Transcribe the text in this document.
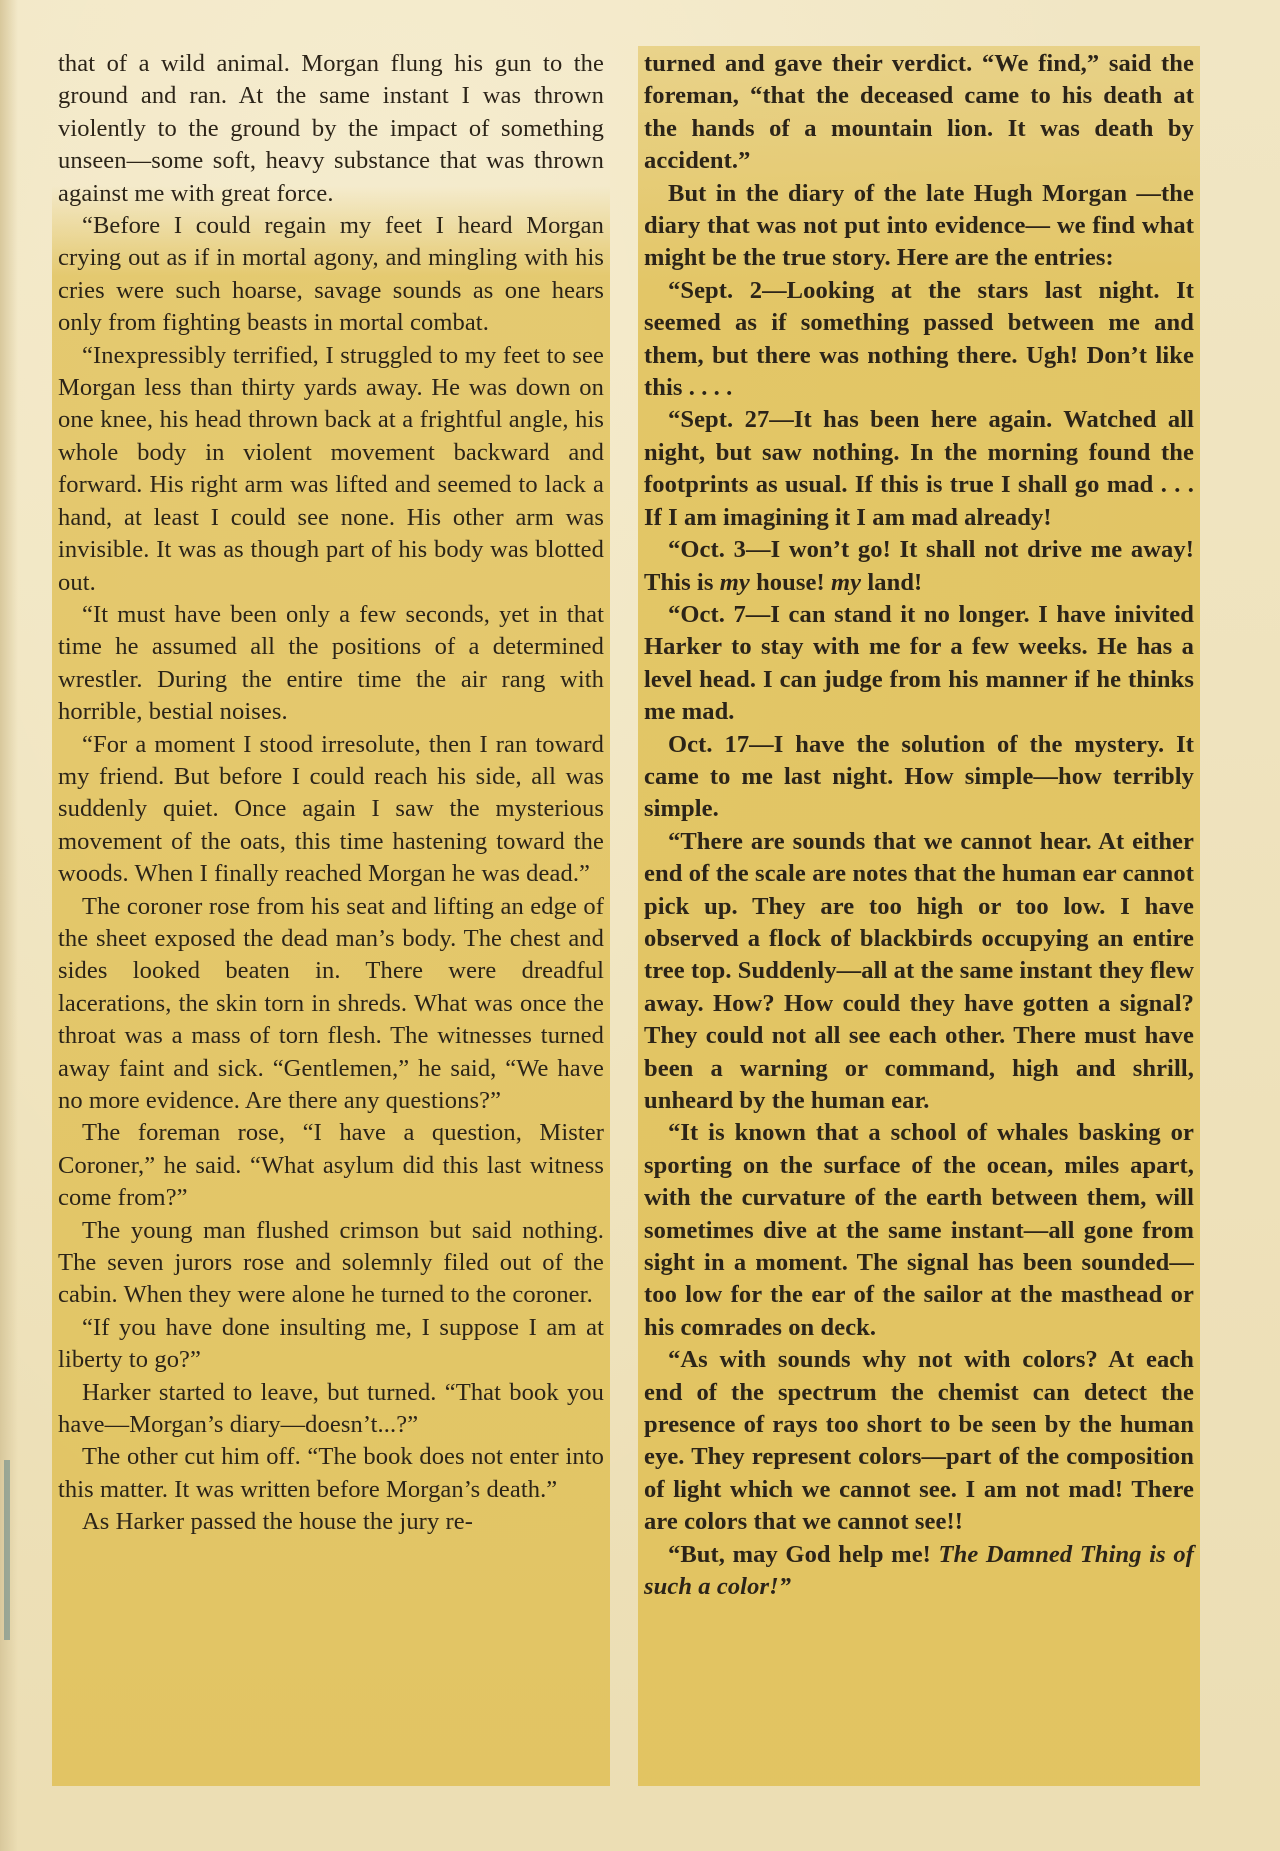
that of a wild animal. Morgan flung his gun to the ground and ran. At the same instant I was thrown violently to the ground by the impact of something unseen—some soft, heavy substance that was thrown against me with great force.

“Before I could regain my feet I heard Morgan crying out as if in mortal agony, and mingling with his cries were such hoarse, savage sounds as one hears only from fighting beasts in mortal combat.

“Inexpressibly terrified, I struggled to my feet to see Morgan less than thirty yards away. He was down on one knee, his head thrown back at a frightful angle, his whole body in violent movement backward and forward. His right arm was lifted and seemed to lack a hand, at least I could see none. His other arm was invisible. It was as though part of his body was blotted out.

“It must have been only a few seconds, yet in that time he assumed all the positions of a determined wrestler. During the entire time the air rang with horrible, bestial noises.

“For a moment I stood irresolute, then I ran toward my friend. But before I could reach his side, all was suddenly quiet. Once again I saw the mysterious movement of the oats, this time hastening toward the woods. When I finally reached Morgan he was dead.”

The coroner rose from his seat and lifting an edge of the sheet exposed the dead man’s body. The chest and sides looked beaten in. There were dreadful lacerations, the skin torn in shreds. What was once the throat was a mass of torn flesh. The witnesses turned away faint and sick. “Gentlemen,” he said, “We have no more evidence. Are there any questions?”

The foreman rose, “I have a question, Mister Coroner,” he said. “What asylum did this last witness come from?”

The young man flushed crimson but said nothing. The seven jurors rose and solemnly filed out of the cabin. When they were alone he turned to the coroner.

“If you have done insulting me, I suppose I am at liberty to go?”

Harker started to leave, but turned. “That book you have—Morgan’s diary—doesn’t...?”

The other cut him off. “The book does not enter into this matter. It was written before Morgan’s death.”

As Harker passed the house the jury re-

turned and gave their verdict. “We find,” said the foreman, “that the deceased came to his death at the hands of a mountain lion. It was death by accident.”

But in the diary of the late Hugh Morgan —the diary that was not put into evidence— we find what might be the true story. Here are the entries:

“Sept. 2—Looking at the stars last night. It seemed as if something passed between me and them, but there was nothing there. Ugh! Don’t like this . . . .

“Sept. 27—It has been here again. Watched all night, but saw nothing. In the morning found the footprints as usual. If this is true I shall go mad . . . If I am imagining it I am mad already!

“Oct. 3—I won’t go! It shall not drive me away! This is my house! my land!

“Oct. 7—I can stand it no longer. I have inivited Harker to stay with me for a few weeks. He has a level head. I can judge from his manner if he thinks me mad.

Oct. 17—I have the solution of the mystery. It came to me last night. How simple—how terribly simple.

“There are sounds that we cannot hear. At either end of the scale are notes that the human ear cannot pick up. They are too high or too low. I have observed a flock of blackbirds occupying an entire tree top. Suddenly—all at the same instant they flew away. How? How could they have gotten a signal? They could not all see each other. There must have been a warning or command, high and shrill, unheard by the human ear.

“It is known that a school of whales basking or sporting on the surface of the ocean, miles apart, with the curvature of the earth between them, will sometimes dive at the same instant—all gone from sight in a moment. The signal has been sounded—too low for the ear of the sailor at the masthead or his comrades on deck.

“As with sounds why not with colors? At each end of the spectrum the chemist can detect the presence of rays too short to be seen by the human eye. They represent colors—part of the composition of light which we cannot see. I am not mad! There are colors that we cannot see!!

“But, may God help me! The Damned Thing is of such a color!”
